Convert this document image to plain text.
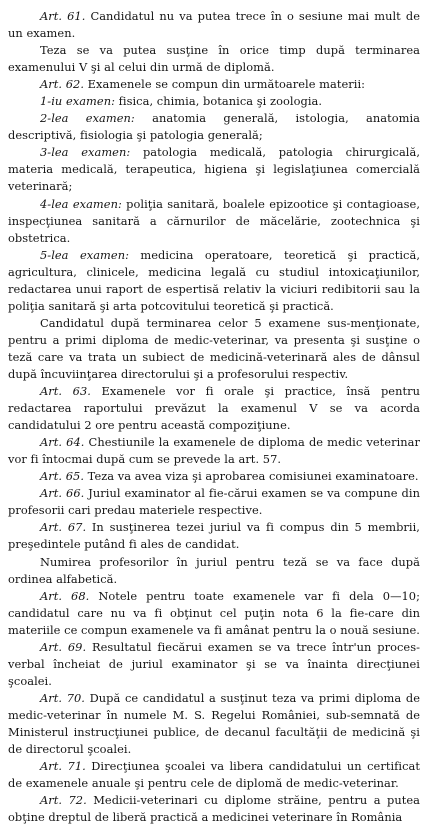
Art. 61. Candidatul nu va putea trece în o sesiune mai mult de un examen.

Teza se va putea susţine în orice timp după terminarea examenului V şi al celui din urmă de diplomă.

Art. 62. Examenele se compun din următoarele materii:

1-iu examen: fisica, chimia, botanica şi zoologia.

2-lea examen: anatomia generală, istologia, anatomia descriptivă, fisiologia şi patologia generală;

3-lea examen: patologia medicală, patologia chirurgicală, materia medicală, terapeutica, higiena şi legislaţiunea comercială veterinară;

4-lea examen: poliţia sanitară, boalele epizootice şi contagioase, inspecţiunea sanitară a cărnurilor de măcelărie, zootechnica şi obstetrica.

5-lea examen: medicina operatoare, teoretică şi practică, agricultura, clinicele, medicina legală cu studiul intoxicaţiunilor, redactarea unui raport de espertisă relativ la viciuri redibitorii sau la poliţia sanitară şi arta potcovitului teoretică şi practică.

Candidatul după terminarea celor 5 examene sus-menţionate, pentru a primi diploma de medic-veterinar, va presenta şi susţine o teză care va trata un subiect de medicină-veterinară ales de dânsul după încuviinţarea directorului şi a profesorului respectiv.

Art. 63. Examenele vor fi orale şi practice, însă pentru redactarea raportului prevăzut la examenul V se va acorda candidatului 2 ore pentru această compoziţiune.

Art. 64. Chestiunile la examenele de diploma de medic veterinar vor fi întocmai după cum se prevede la art. 57.

Art. 65. Teza va avea viza şi aprobarea comisiunei examinatoare.

Art. 66. Juriul examinator al fie-cărui examen se va compune din profesorii cari predau materiele respective.

Art. 67. In susţinerea tezei juriul va fi compus din 5 membrii, preşedintele putând fi ales de candidat.

Numirea profesorilor în juriul pentru teză se va face după ordinea alfabetică.

Art. 68. Notele pentru toate examenele var fi dela 0—10; candidatul care nu va fi obţinut cel puţin nota 6 la fie-care din materiile ce compun examenele va fi amânat pentru la o nouă sesiune.

Art. 69. Resultatul fiecărui examen se va trece într'un proces-verbal încheiat de juriul examinator şi se va înainta direcţiunei şcoalei.

Art. 70. După ce candidatul a susţinut teza va primi diploma de medic-veterinar în numele M. S. Regelui României, sub-semnată de Ministerul instrucţiunei publice, de decanul facultăţii de medicină şi de directorul şcoalei.

Art. 71. Direcţiunea şcoalei va libera candidatului un certificat de examenele anuale şi pentru cele de diplomă de medic-veterinar.

Art. 72. Medicii-veterinari cu diplome străine, pentru a putea obţine dreptul de liberă practică a medicinei veterinare în România
